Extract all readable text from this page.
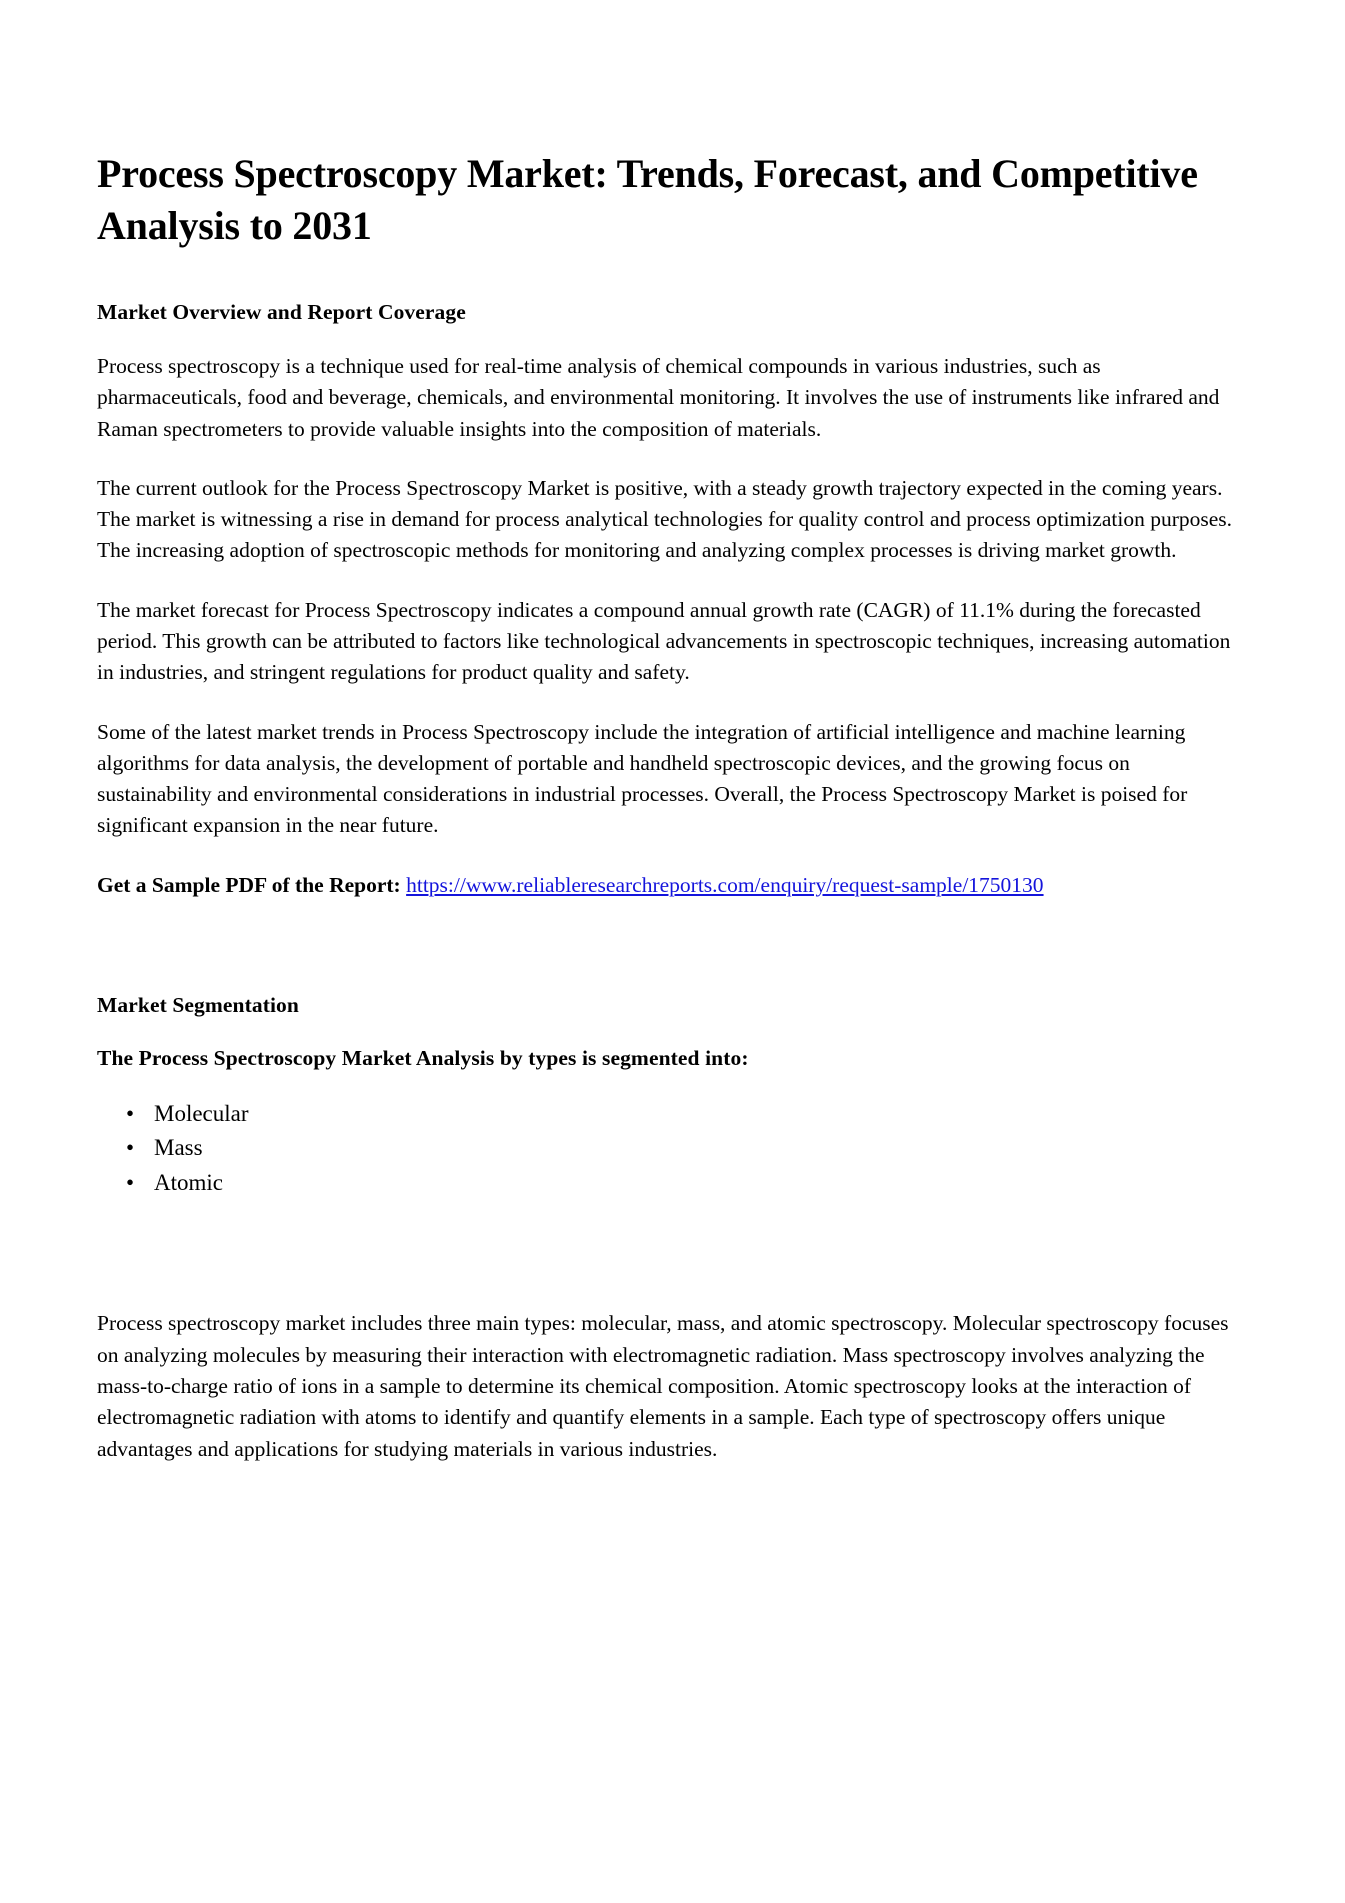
Process Spectroscopy Market: Trends, Forecast, and Competitive Analysis to 2031
Market Overview and Report Coverage

Process spectroscopy is a technique used for real-time analysis of chemical compounds in various industries, such as pharmaceuticals, food and beverage, chemicals, and environmental monitoring. It involves the use of instruments like infrared and Raman spectrometers to provide valuable insights into the composition of materials.

The current outlook for the Process Spectroscopy Market is positive, with a steady growth trajectory expected in the coming years. The market is witnessing a rise in demand for process analytical technologies for quality control and process optimization purposes. The increasing adoption of spectroscopic methods for monitoring and analyzing complex processes is driving market growth.

The market forecast for Process Spectroscopy indicates a compound annual growth rate (CAGR) of 11.1% during the forecasted period. This growth can be attributed to factors like technological advancements in spectroscopic techniques, increasing automation in industries, and stringent regulations for product quality and safety.

Some of the latest market trends in Process Spectroscopy include the integration of artificial intelligence and machine learning algorithms for data analysis, the development of portable and handheld spectroscopic devices, and the growing focus on sustainability and environmental considerations in industrial processes. Overall, the Process Spectroscopy Market is poised for significant expansion in the near future.

Get a Sample PDF of the Report: https://www.reliableresearchreports.com/enquiry/request-sample/1750130

Market Segmentation
The Process Spectroscopy Market Analysis by types is segmented into:
• Molecular
• Mass
• Atomic

Process spectroscopy market includes three main types: molecular, mass, and atomic spectroscopy. Molecular spectroscopy focuses on analyzing molecules by measuring their interaction with electromagnetic radiation. Mass spectroscopy involves analyzing the mass-to-charge ratio of ions in a sample to determine its chemical composition. Atomic spectroscopy looks at the interaction of electromagnetic radiation with atoms to identify and quantify elements in a sample. Each type of spectroscopy offers unique advantages and applications for studying materials in various industries.
